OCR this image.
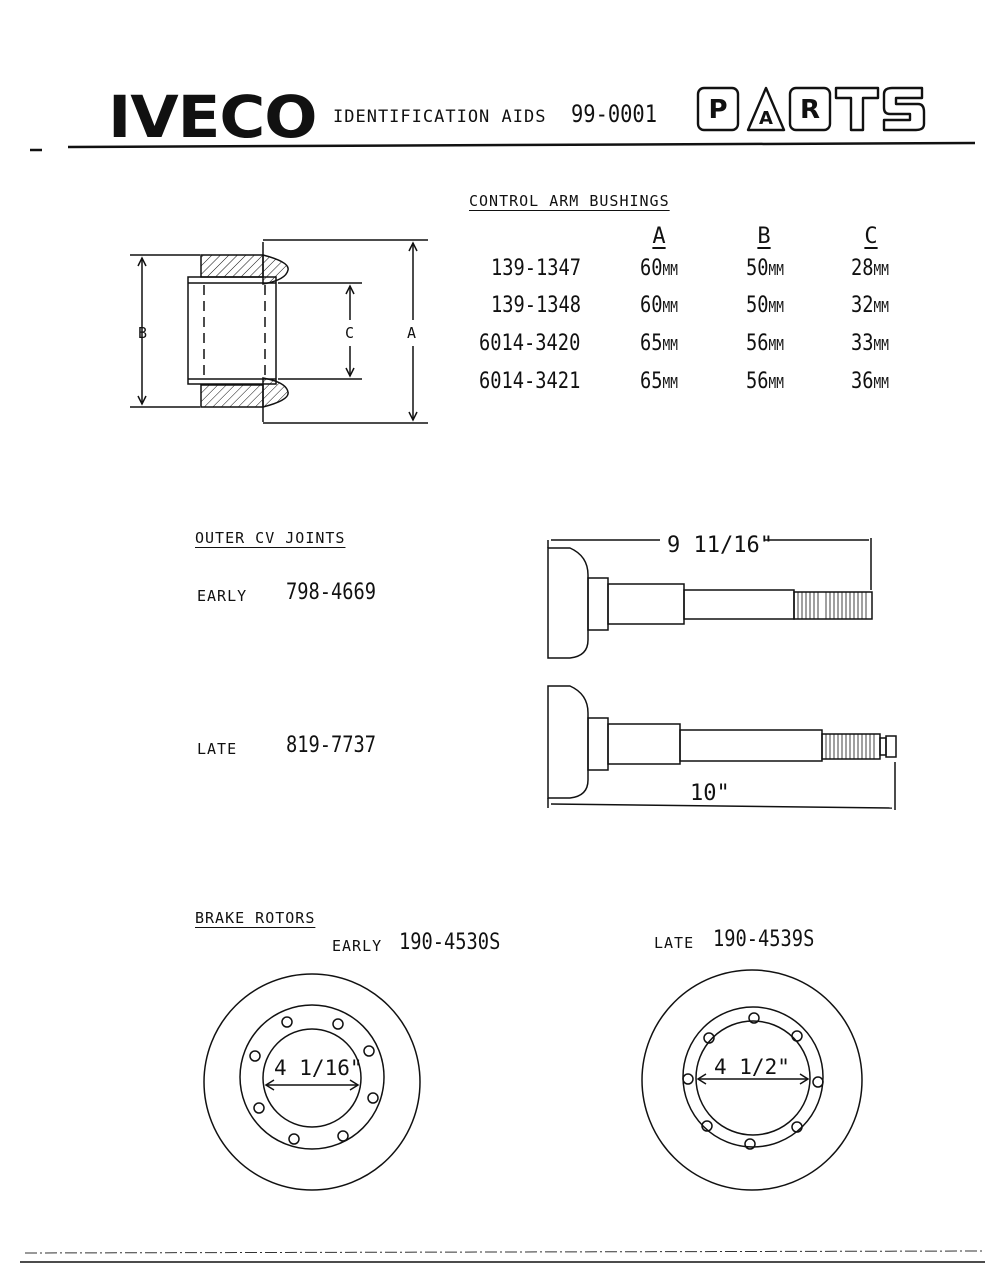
IVECO IDENTIFICATION AIDS 99-0001 P A R
CONTROL ARM BUSHINGS
B	C	A
A	B	C
139-1347	60MM	50MM	28MM
139-1348	60MM	50MM	32MM
6014-3420	65MM	56MM	33MM
6014-3421	65MM	56MM	36MM
OUTER CV JOINTS
EARLY 798-4669
LATE 819-7737
9 11/16"
10"
BRAKE ROTORS
EARLY 190-4530S	LATE 190-4539S
4 1/16"	4 1/2"
